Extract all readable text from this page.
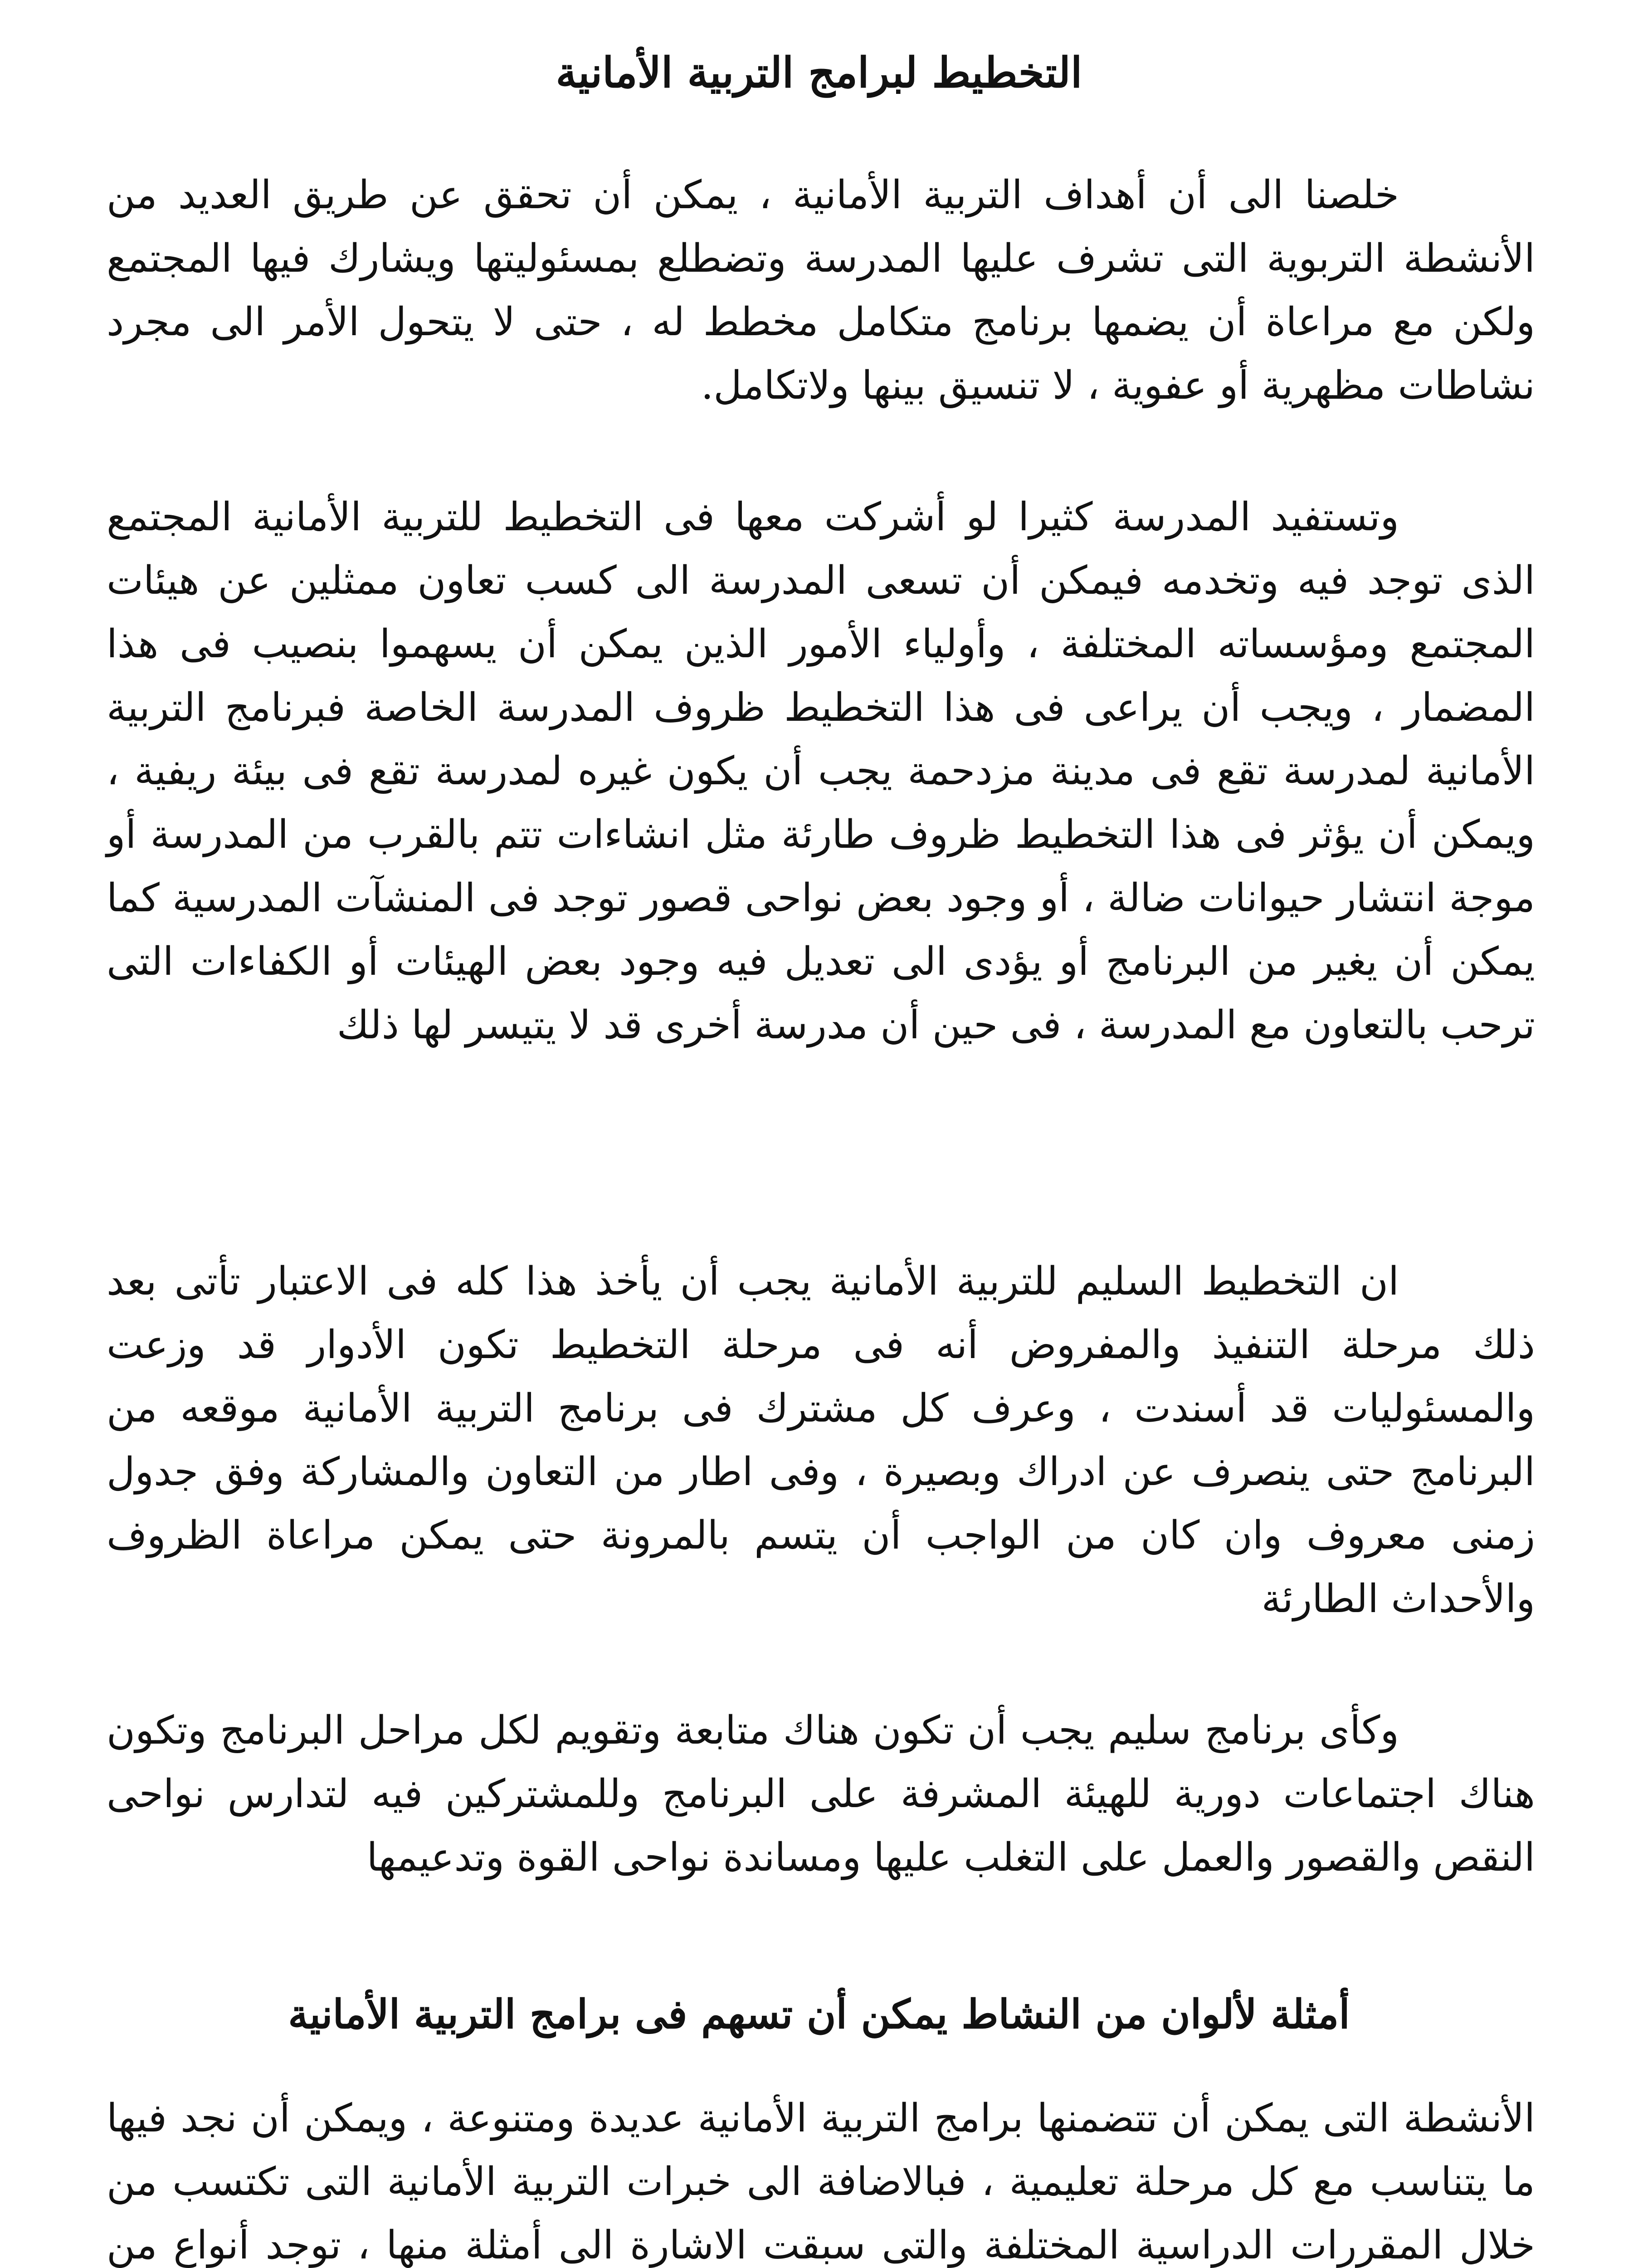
التخطيط لبرامج التربية الأمانية

خلصنا الى أن أهداف التربية الأمانية ، يمكن أن تحقق عن طريق العديد من الأنشطة التربوية التى تشرف عليها المدرسة وتضطلع بمسئوليتها ويشارك فيها المجتمع ولكن مع مراعاة أن يضمها برنامج متكامل مخطط له ، حتى لا يتحول الأمر الى مجرد نشاطات مظهرية أو عفوية ، لا تنسيق بينها ولاتكامل.

وتستفيد المدرسة كثيرا لو أشركت معها فى التخطيط للتربية الأمانية المجتمع الذى توجد فيه وتخدمه فيمكن أن تسعى المدرسة الى كسب تعاون ممثلين عن هيئات المجتمع ومؤسساته المختلفة ، وأولياء الأمور الذين يمكن أن يسهموا بنصيب فى هذا المضمار ، ويجب أن يراعى فى هذا التخطيط ظروف المدرسة الخاصة فبرنامج التربية الأمانية لمدرسة تقع فى مدينة مزدحمة يجب أن يكون غيره لمدرسة تقع فى بيئة ريفية ، ويمكن أن يؤثر فى هذا التخطيط ظروف طارئة مثل انشاءات تتم بالقرب من المدرسة أو موجة انتشار حيوانات ضالة ، أو وجود بعض نواحى قصور توجد فى المنشآت المدرسية كما يمكن أن يغير من البرنامج أو يؤدى الى تعديل فيه وجود بعض الهيئات أو الكفاءات التى ترحب بالتعاون مع المدرسة ، فى حين أن مدرسة أخرى قد لا يتيسر لها ذلك

ان التخطيط السليم للتربية الأمانية يجب أن يأخذ هذا كله فى الاعتبار تأتى بعد ذلك مرحلة التنفيذ والمفروض أنه فى مرحلة التخطيط تكون الأدوار قد وزعت والمسئوليات قد أسندت ، وعرف كل مشترك فى برنامج التربية الأمانية موقعه من البرنامج حتى ينصرف عن ادراك وبصيرة ، وفى اطار من التعاون والمشاركة وفق جدول زمنى معروف وان كان من الواجب أن يتسم بالمرونة حتى يمكن مراعاة الظروف والأحداث الطارئة

وكأى برنامج سليم يجب أن تكون هناك متابعة وتقويم لكل مراحل البرنامج وتكون هناك اجتماعات دورية للهيئة المشرفة على البرنامج وللمشتركين فيه لتدارس نواحى النقص والقصور والعمل على التغلب عليها ومساندة نواحى القوة وتدعيمها

أمثلة لألوان من النشاط يمكن أن تسهم فى برامج التربية الأمانية

الأنشطة التى يمكن أن تتضمنها برامج التربية الأمانية عديدة ومتنوعة ، ويمكن أن نجد فيها ما يتناسب مع كل مرحلة تعليمية ، فبالاضافة الى خبرات التربية الأمانية التى تكتسب من خلال المقررات الدراسية المختلفة والتى سبقت الاشارة الى أمثلة منها ، توجد أنواع من
